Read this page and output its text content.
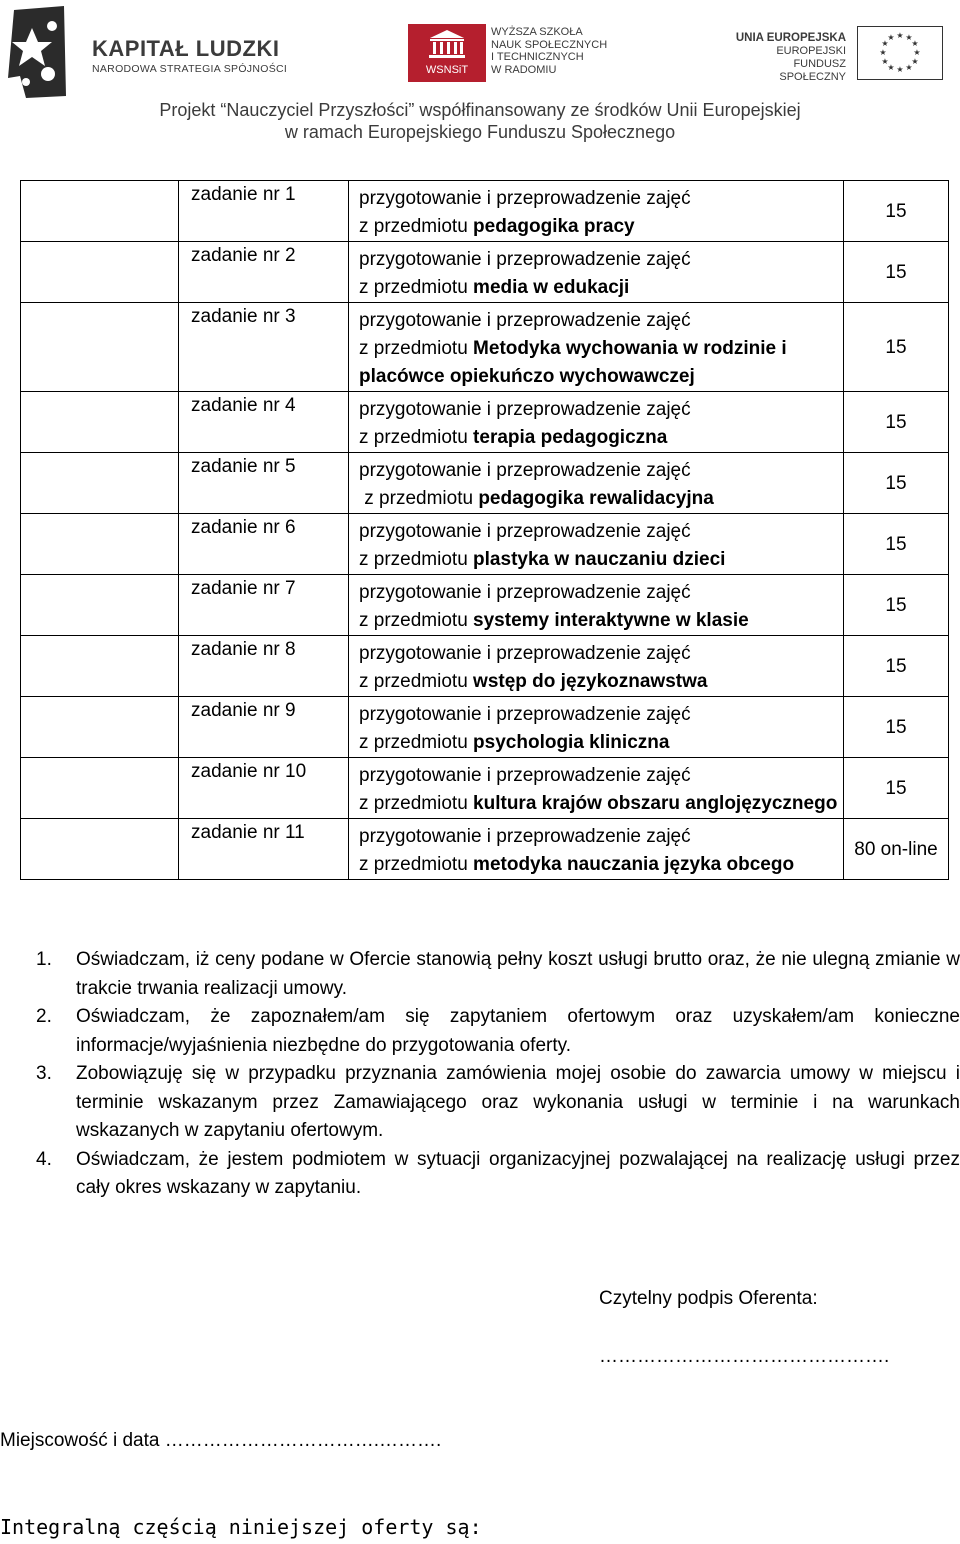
KAPITAŁ LUDZKI
NARODOWA STRATEGIA SPÓJNOŚCI	WSNSiT
WYŻSZA SZKOŁA
NAUK SPOŁECZNYCH
I TECHNICZNYCH
W RADOMIU
UNIA EUROPEJSKA
EUROPEJSKI
FUNDUSZ SPOŁECZNY
★ ★
★
★
★
★
★
★
★
★
★
★
Projekt “Nauczyciel Przyszłości” współfinansowany ze środków Unii Europejskiej
w ramach Europejskiego Funduszu Społecznego
	zadanie nr 1	przygotowanie i przeprowadzenie zajęć
z przedmiotu pedagogika pracy	15
	zadanie nr 2	przygotowanie i przeprowadzenie zajęć
z przedmiotu media w edukacji	15
	zadanie nr 3	przygotowanie i przeprowadzenie zajęć
z przedmiotu Metodyka wychowania w rodzinie i placówce opiekuńczo wychowawczej	15
	zadanie nr 4	przygotowanie i przeprowadzenie zajęć
z przedmiotu terapia pedagogiczna	15
	zadanie nr 5	przygotowanie i przeprowadzenie zajęć
z przedmiotu pedagogika rewalidacyjna	15
	zadanie nr 6	przygotowanie i przeprowadzenie zajęć
z przedmiotu plastyka w nauczaniu dzieci	15
	zadanie nr 7	przygotowanie i przeprowadzenie zajęć
z przedmiotu systemy interaktywne w klasie	15
	zadanie nr 8	przygotowanie i przeprowadzenie zajęć
z przedmiotu wstęp do językoznawstwa	15
	zadanie nr 9	przygotowanie i przeprowadzenie zajęć
z przedmiotu psychologia kliniczna	15
	zadanie nr 10	przygotowanie i przeprowadzenie zajęć
z przedmiotu kultura krajów obszaru anglojęzycznego	15
	zadanie nr 11	przygotowanie i przeprowadzenie zajęć
z przedmiotu metodyka nauczania języka obcego	80 on-line
1. Oświadczam, iż ceny podane w Ofercie stanowią pełny koszt usługi brutto oraz, że nie ulegną zmianie w trakcie trwania realizacji umowy.
2. Oświadczam, że zapoznałem/am się zapytaniem ofertowym oraz uzyskałem/am konieczne informacje/wyjaśnienia niezbędne do przygotowania oferty.
3. Zobowiązuję się w przypadku przyznania zamówienia mojej osobie do zawarcia umowy w miejscu i terminie wskazanym przez Zamawiającego oraz wykonania usługi w terminie i na warunkach wskazanych w zapytaniu ofertowym.
4. Oświadczam, że jestem podmiotem w sytuacji organizacyjnej pozwalającej na realizację usługi przez cały okres wskazany w zapytaniu.
Czytelny podpis Oferenta:
……………………………………….
Miejscowość i data …………………………….……….
Integralną częścią niniejszej oferty są:
